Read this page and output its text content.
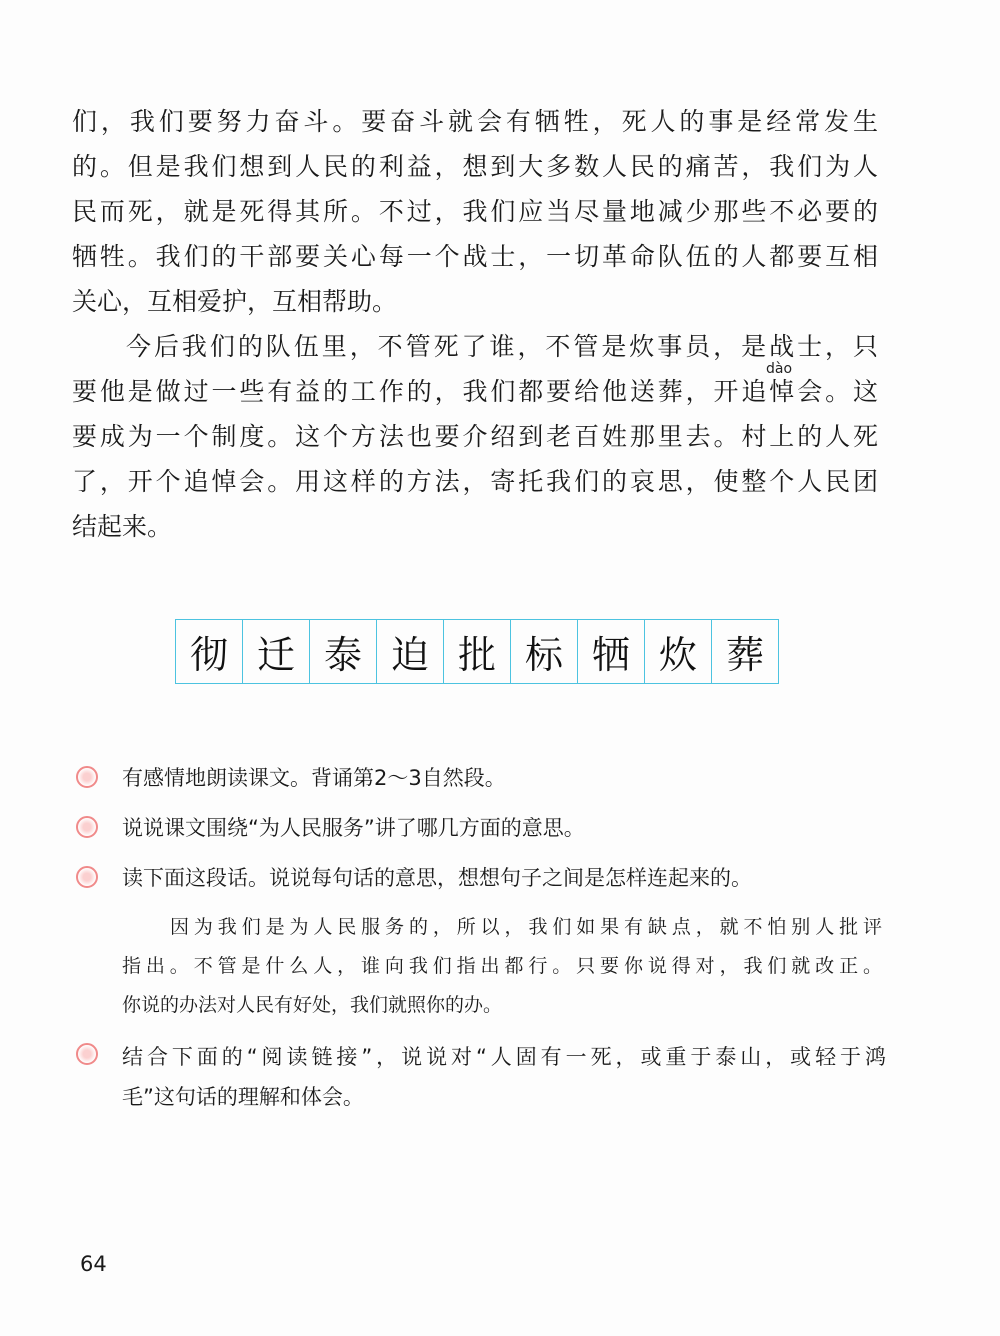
们，我们要努力奋斗。要奋斗就会有牺牲，死人的事是经常发生
的。但是我们想到人民的利益，想到大多数人民的痛苦，我们为人
民而死，就是死得其所。不过，我们应当尽量地减少那些不必要的
牺牲。我们的干部要关心每一个战士，一切革命队伍的人都要互相
关心，互相爱护，互相帮助。
今后我们的队伍里，不管死了谁，不管是炊事员，是战士，只
要他是做过一些有益的工作的，我们都要给他送葬，开追悼会。这
要成为一个制度。这个方法也要介绍到老百姓那里去。村上的人死
了，开个追悼会。用这样的方法，寄托我们的哀思，使整个人民团
结起来。
dào
彻 迁 泰 迫 批 标 牺 炊 葬
有感情地朗读课文。背诵第2～3自然段。
说说课文围绕“为人民服务”讲了哪几方面的意思。
读下面这段话。说说每句话的意思，想想句子之间是怎样连起来的。
因为我们是为人民服务的，所以，我们如果有缺点，就不怕别人批评
指出。不管是什么人，谁向我们指出都行。只要你说得对，我们就改正。
你说的办法对人民有好处，我们就照你的办。
结合下面的“阅读链接”，说说对“人固有一死，或重于泰山，或轻于鸿
毛”这句话的理解和体会。
64
